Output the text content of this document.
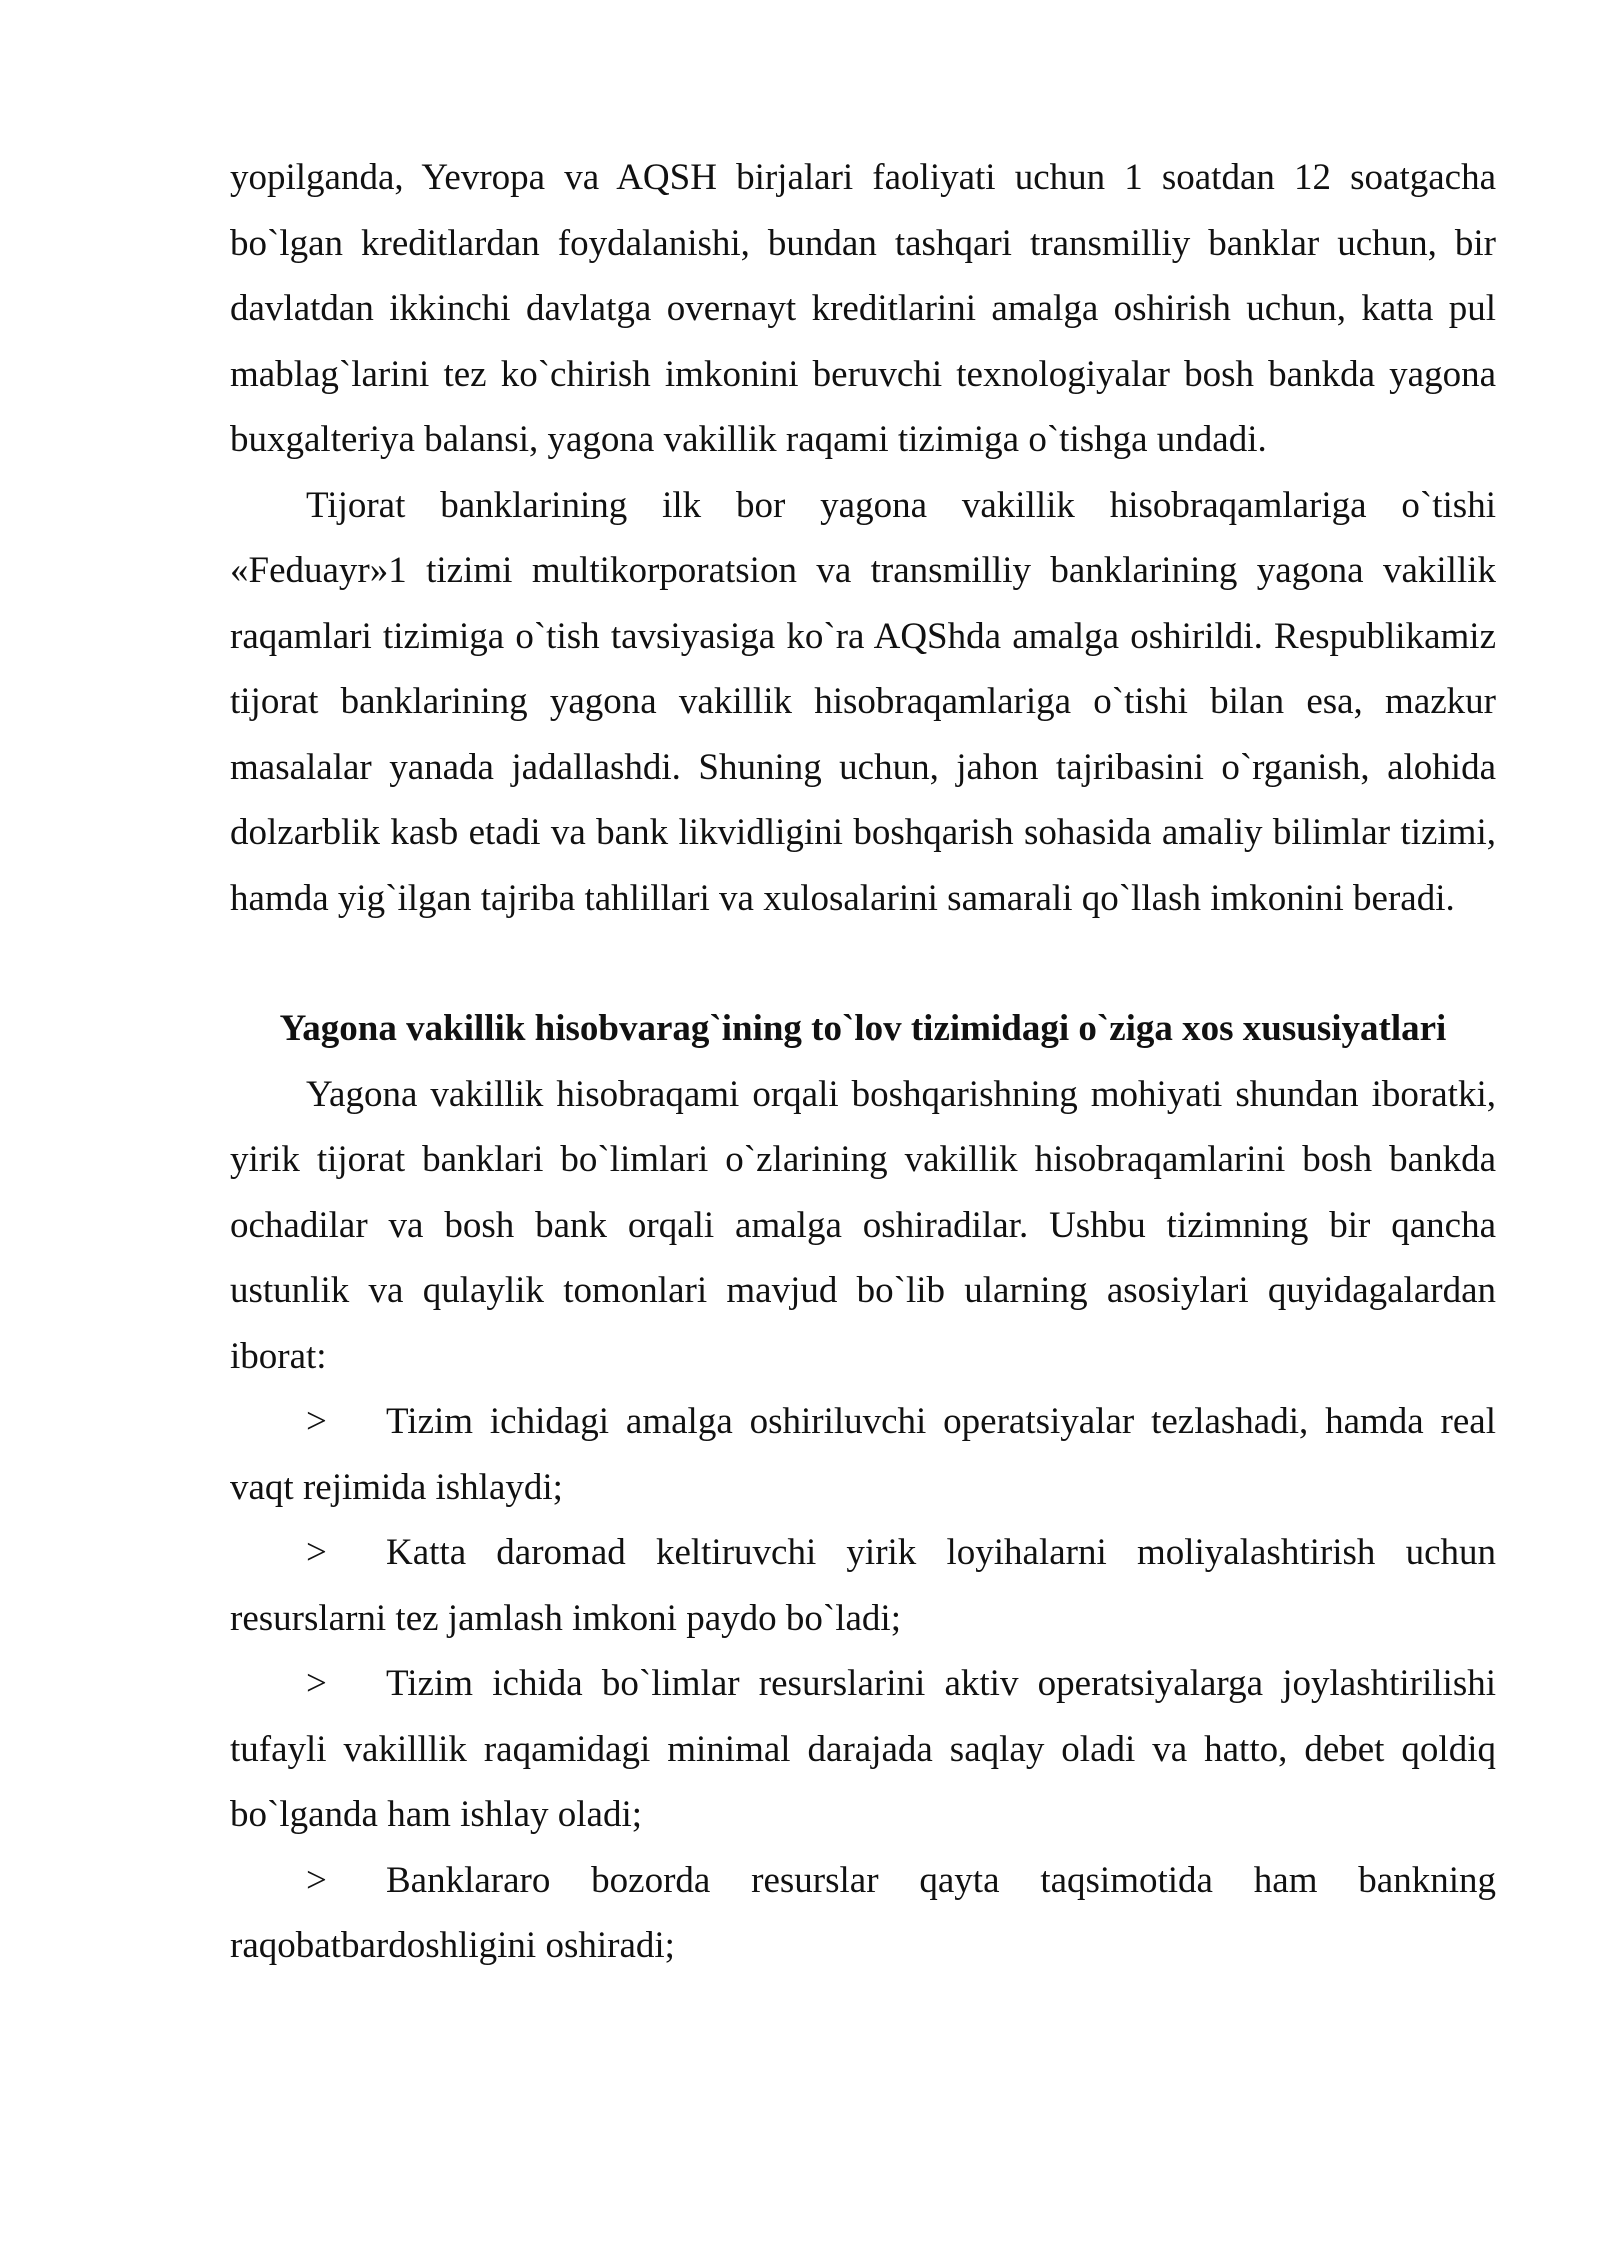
yopilganda, Yevropa va AQSH birjalari faoliyati uchun 1 soatdan 12 soatgacha bo`lgan kreditlardan foydalanishi, bundan tashqari transmilliy banklar uchun, bir davlatdan ikkinchi davlatga overnayt kreditlarini amalga oshirish uchun, katta pul mablag`larini tez ko`chirish imkonini beruvchi texnologiyalar bosh bankda yagona buxgalteriya balansi, yagona vakillik raqami tizimiga o`tishga undadi.

Tijorat banklarining ilk bor yagona vakillik hisobraqamlariga o`tishi «Feduayr»1 tizimi multikorporatsion va transmilliy banklarining yagona vakillik raqamlari tizimiga o`tish tavsiyasiga ko`ra AQShda amalga oshirildi. Respublikamiz tijorat banklarining yagona vakillik hisobraqamlariga o`tishi bilan esa, mazkur masalalar yanada jadallashdi. Shuning uchun, jahon tajribasini o`rganish, alohida dolzarblik kasb etadi va bank likvidligini boshqarish sohasida amaliy bilimlar tizimi, hamda yig`ilgan tajriba tahlillari va xulosalarini samarali qo`llash imkonini beradi.

Yagona vakillik hisobvarag`ining to`lov tizimidagi o`ziga xos xususiyatlari

Yagona vakillik hisobraqami orqali boshqarishning mohiyati shundan iboratki, yirik tijorat banklari bo`limlari o`zlarining vakillik hisobraqamlarini bosh bankda ochadilar va bosh bank orqali amalga oshiradilar. Ushbu tizimning bir qancha ustunlik va qulaylik tomonlari mavjud bo`lib ularning asosiylari quyidagalardan iborat:

> Tizim ichidagi amalga oshiriluvchi operatsiyalar tezlashadi, hamda real vaqt rejimida ishlaydi;

> Katta daromad keltiruvchi yirik loyihalarni moliyalashtirish uchun resurslarni tez jamlash imkoni paydo bo`ladi;

> Tizim ichida bo`limlar resurslarini aktiv operatsiyalarga joylashtirilishi tufayli vakilllik raqamidagi minimal darajada saqlay oladi va hatto, debet qoldiq bo`lganda ham ishlay oladi;

> Banklararo bozorda resurslar qayta taqsimotida ham bankning raqobatbardoshligini oshiradi;
